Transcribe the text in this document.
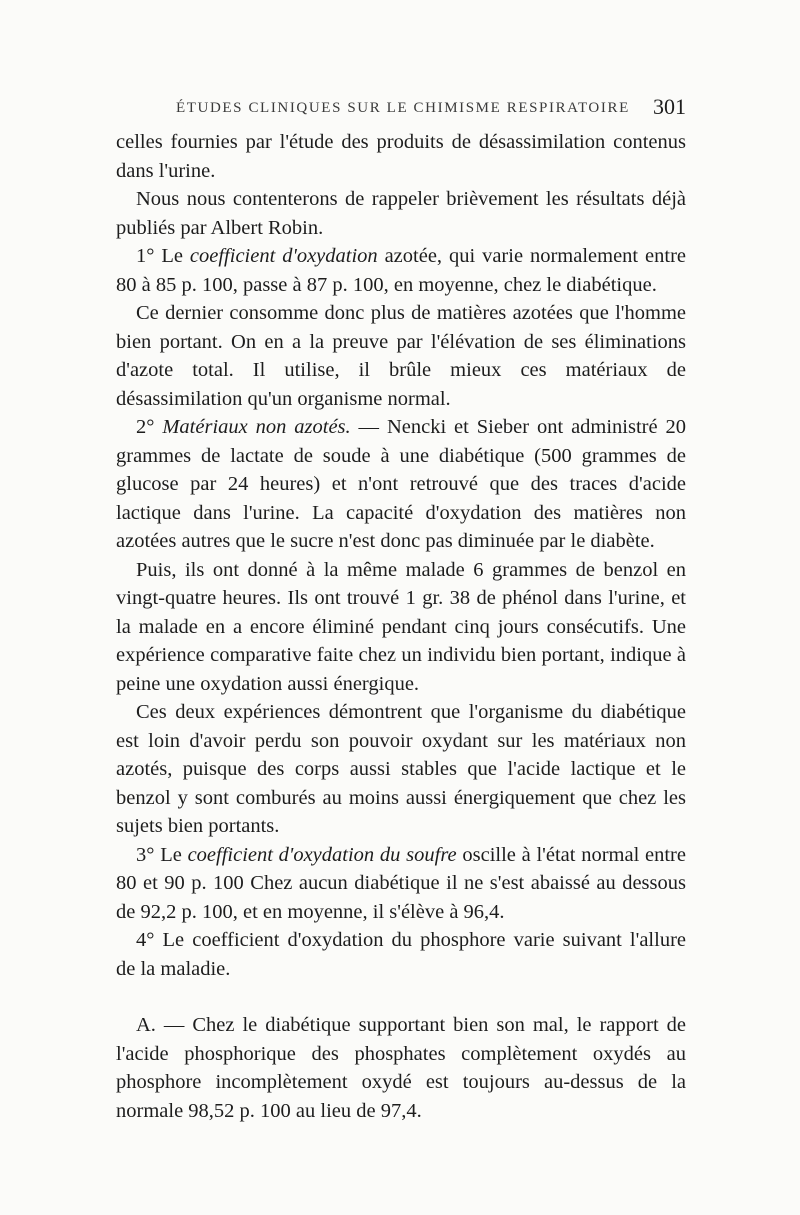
ÉTUDES CLINIQUES SUR LE CHIMISME RESPIRATOIRE 301

celles fournies par l'étude des produits de désassimilation contenus dans l'urine.

Nous nous contenterons de rappeler brièvement les résultats déjà publiés par Albert Robin.

1° Le coefficient d'oxydation azotée, qui varie normalement entre 80 à 85 p. 100, passe à 87 p. 100, en moyenne, chez le diabétique.

Ce dernier consomme donc plus de matières azotées que l'homme bien portant. On en a la preuve par l'élévation de ses éliminations d'azote total. Il utilise, il brûle mieux ces matériaux de désassimilation qu'un organisme normal.

2° Matériaux non azotés. — Nencki et Sieber ont administré 20 grammes de lactate de soude à une diabétique (500 grammes de glucose par 24 heures) et n'ont retrouvé que des traces d'acide lactique dans l'urine. La capacité d'oxydation des matières non azotées autres que le sucre n'est donc pas diminuée par le diabète.

Puis, ils ont donné à la même malade 6 grammes de benzol en vingt-quatre heures. Ils ont trouvé 1 gr. 38 de phénol dans l'urine, et la malade en a encore éliminé pendant cinq jours consécutifs. Une expérience comparative faite chez un individu bien portant, indique à peine une oxydation aussi énergique.

Ces deux expériences démontrent que l'organisme du diabétique est loin d'avoir perdu son pouvoir oxydant sur les matériaux non azotés, puisque des corps aussi stables que l'acide lactique et le benzol y sont comburés au moins aussi énergiquement que chez les sujets bien portants.

3° Le coefficient d'oxydation du soufre oscille à l'état normal entre 80 et 90 p. 100 Chez aucun diabétique il ne s'est abaissé au dessous de 92,2 p. 100, et en moyenne, il s'élève à 96,4.

4° Le coefficient d'oxydation du phosphore varie suivant l'allure de la maladie.

A. — Chez le diabétique supportant bien son mal, le rapport de l'acide phosphorique des phosphates complètement oxydés au phosphore incomplètement oxydé est toujours au-dessus de la normale 98,52 p. 100 au lieu de 97,4.
